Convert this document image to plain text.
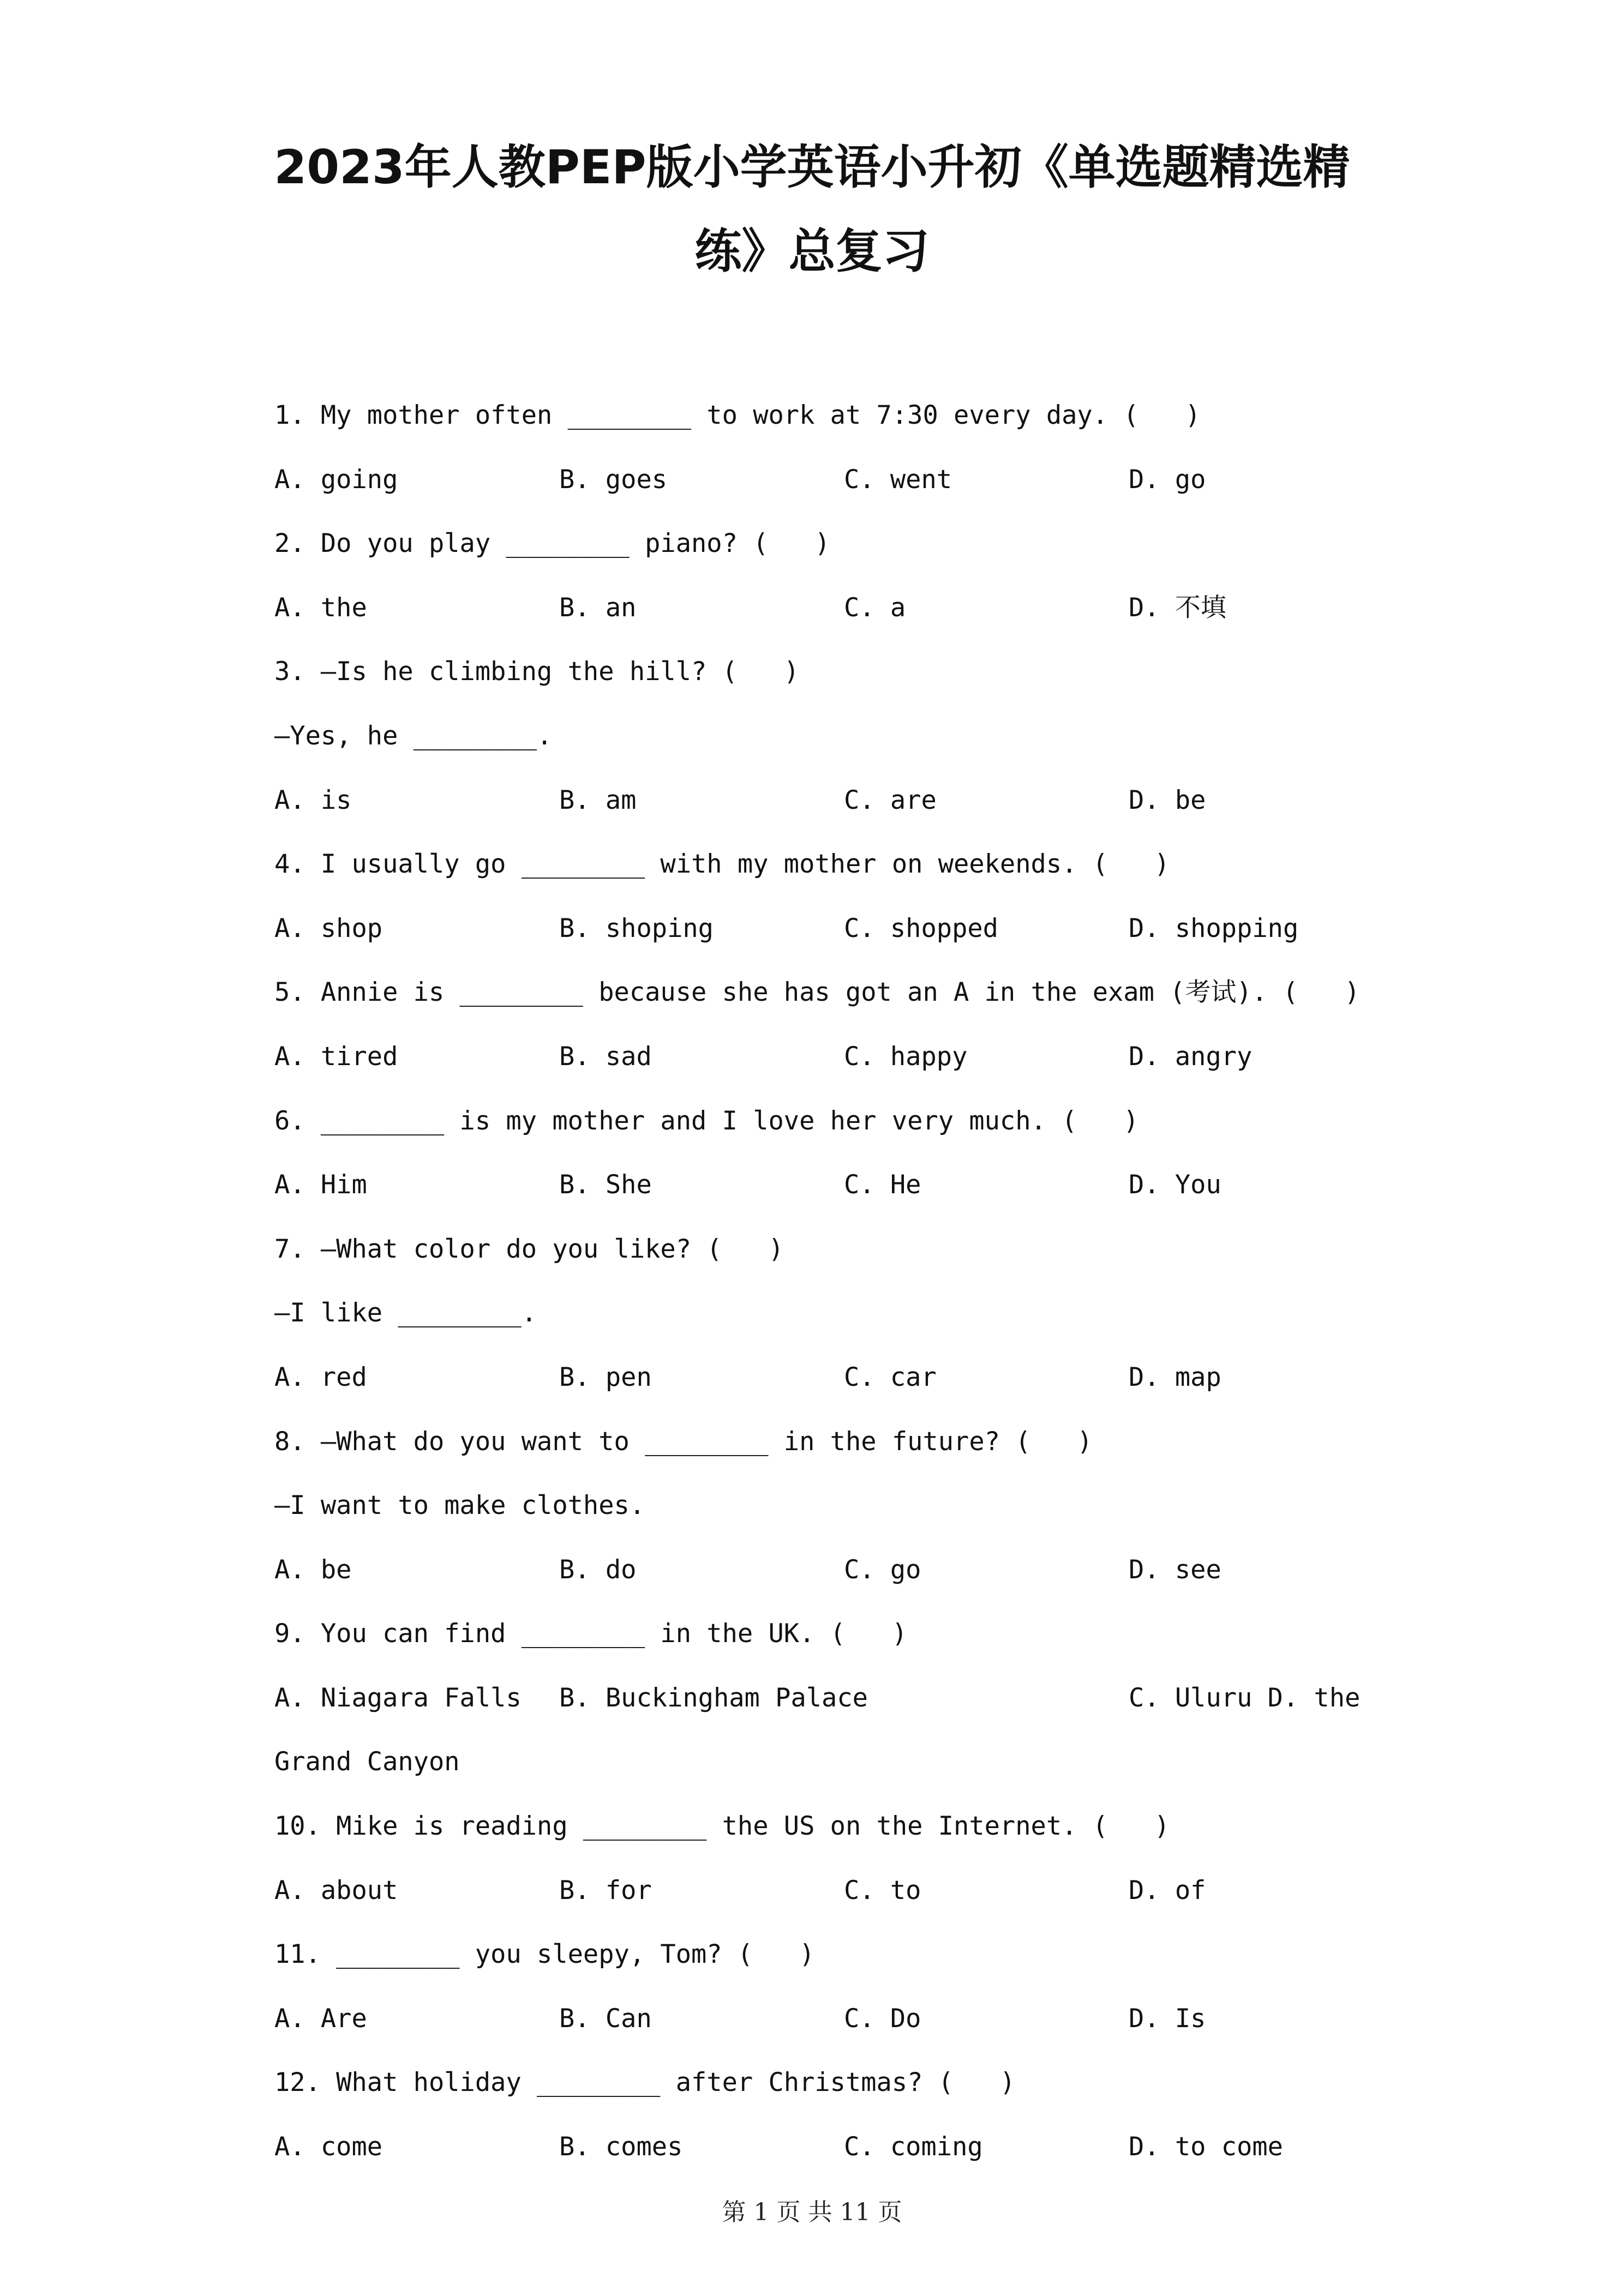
2023年人教PEP版小学英语小升初《单选题精选精
练》总复习
1. My mother often ________ to work at 7:30 every day. (   )
A. going	B. goes	C. went	D. go
2. Do you play ________ piano? (   )
A. the	B. an	C. a	D. 不填
3. —Is he climbing the hill? (   )
—Yes, he ________.
A. is	B. am	C. are	D. be
4. I usually go ________ with my mother on weekends. (   )
A. shop	B. shoping	C. shopped	D. shopping
5. Annie is ________ because she has got an A in the exam (考试). (   )
A. tired	B. sad	C. happy	D. angry
6. ________ is my mother and I love her very much. (   )
A. Him	B. She	C. He	D. You
7. —What color do you like? (   )
—I like ________.
A. red	B. pen	C. car	D. map
8. —What do you want to ________ in the future? (   )
—I want to make clothes.
A. be	B. do	C. go	D. see
9. You can find ________ in the UK. (   )
A. Niagara Falls B. Buckingham Palace	C. Uluru D. the
Grand Canyon
10. Mike is reading ________ the US on the Internet. (   )
A. about	B. for	C. to	D. of
11. ________ you sleepy, Tom? (   )
A. Are	B. Can	C. Do	D. Is
12. What holiday ________ after Christmas? (   )
A. come	B. comes	C. coming	D. to come
第 1 页 共 11 页
